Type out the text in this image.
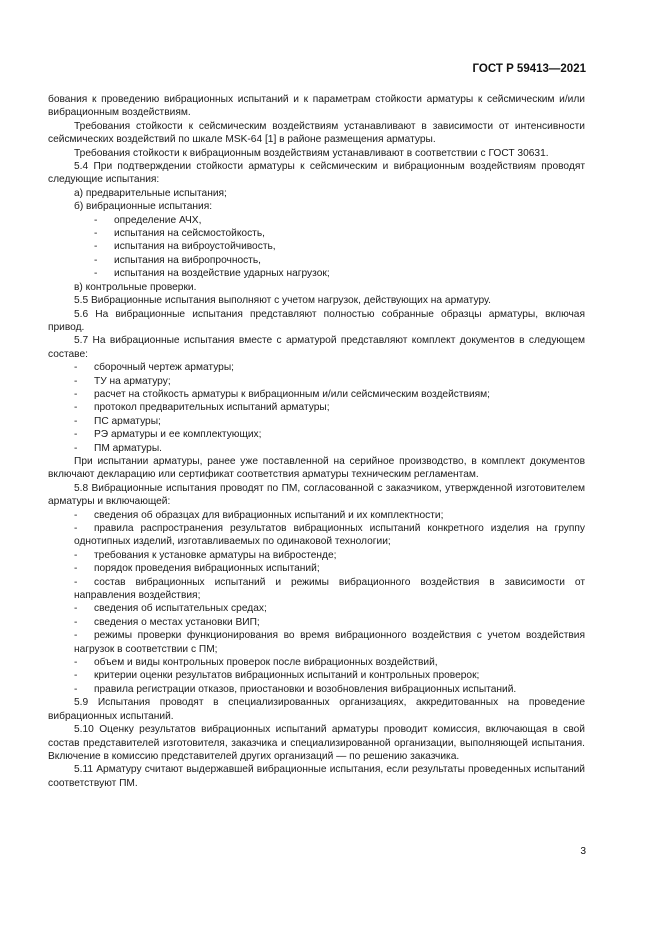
ГОСТ Р 59413—2021

бования к проведению вибрационных испытаний и к параметрам стойкости арматуры к сейсмическим и/или вибрационным воздействиям.

Требования стойкости к сейсмическим воздействиям устанавливают в зависимости от интенсивности сейсмических воздействий по шкале MSK-64 [1] в районе размещения арматуры.

Требования стойкости к вибрационным воздействиям устанавливают в соответствии с ГОСТ 30631.

5.4 При подтверждении стойкости арматуры к сейсмическим и вибрационным воздействиям проводят следующие испытания:

а) предварительные испытания;

б) вибрационные испытания:

- определение АЧХ,

- испытания на сейсмостойкость,

- испытания на виброустойчивость,

- испытания на вибропрочность,

- испытания на воздействие ударных нагрузок;

в) контрольные проверки.

5.5 Вибрационные испытания выполняют с учетом нагрузок, действующих на арматуру.

5.6 На вибрационные испытания представляют полностью собранные образцы арматуры, включая привод.

5.7 На вибрационные испытания вместе с арматурой представляют комплект документов в следующем составе:

- сборочный чертеж арматуры;

- ТУ на арматуру;

- расчет на стойкость арматуры к вибрационным и/или сейсмическим воздействиям;

- протокол предварительных испытаний арматуры;

- ПС арматуры;

- РЭ арматуры и ее комплектующих;

- ПМ арматуры.

При испытании арматуры, ранее уже поставленной на серийное производство, в комплект документов включают декларацию или сертификат соответствия арматуры техническим регламентам.

5.8 Вибрационные испытания проводят по ПМ, согласованной с заказчиком, утвержденной изготовителем арматуры и включающей:

- сведения об образцах для вибрационных испытаний и их комплектности;

- правила распространения результатов вибрационных испытаний конкретного изделия на группу однотипных изделий, изготавливаемых по одинаковой технологии;

- требования к установке арматуры на вибростенде;

- порядок проведения вибрационных испытаний;

- состав вибрационных испытаний и режимы вибрационного воздействия в зависимости от направления воздействия;

- сведения об испытательных средах;

- сведения о местах установки ВИП;

- режимы проверки функционирования во время вибрационного воздействия с учетом воздействия нагрузок в соответствии с ПМ;

- объем и виды контрольных проверок после вибрационных воздействий,

- критерии оценки результатов вибрационных испытаний и контрольных проверок;

- правила регистрации отказов, приостановки и возобновления вибрационных испытаний.

5.9 Испытания проводят в специализированных организациях, аккредитованных на проведение вибрационных испытаний.

5.10 Оценку результатов вибрационных испытаний арматуры проводит комиссия, включающая в свой состав представителей изготовителя, заказчика и специализированной организации, выполняющей испытания. Включение в комиссию представителей других организаций — по решению заказчика.

5.11 Арматуру считают выдержавшей вибрационные испытания, если результаты проведенных испытаний соответствуют ПМ.

3
